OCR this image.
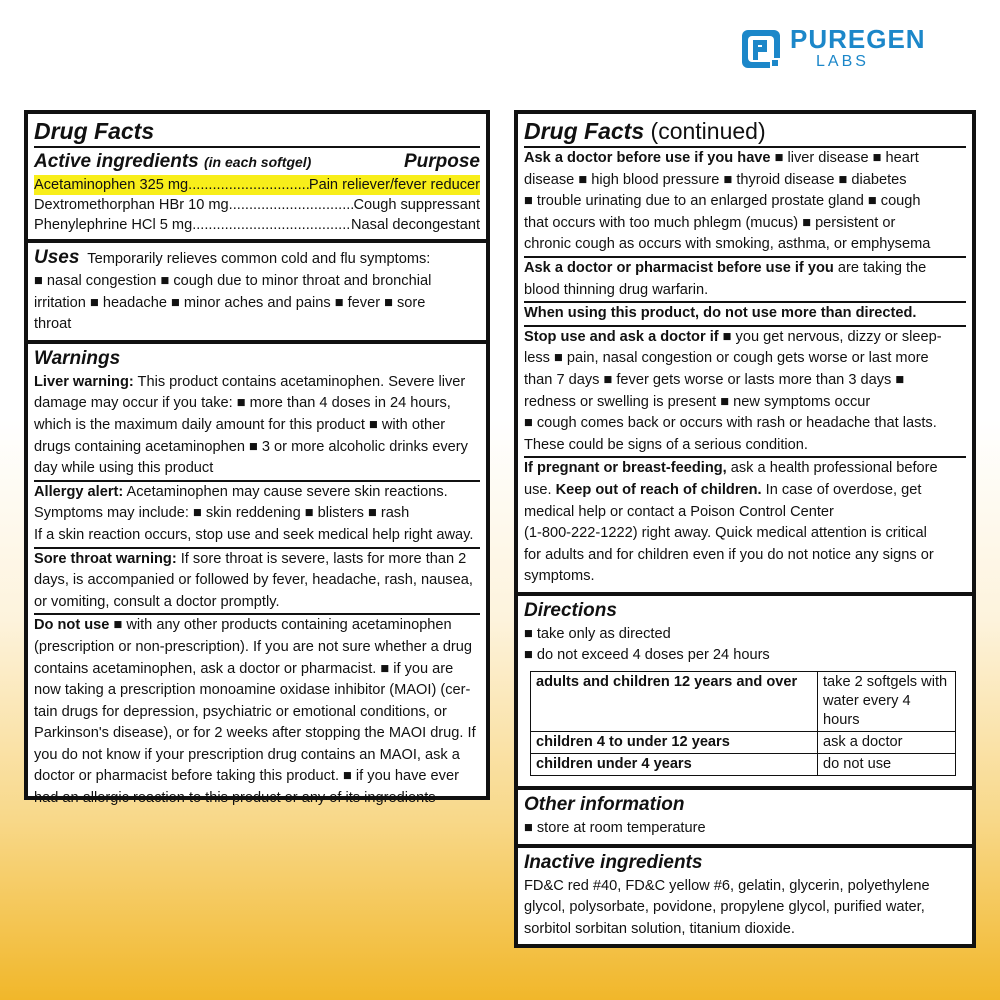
PUREGEN
LABS
Drug Facts
Active ingredients (in each softgel)	Purpose
Acetaminophen 325 mg .....	Pain reliever/fever reducer
Dextromethorphan HBr 10 mg .....	Cough suppressant
Phenylephrine HCl 5 mg .....	Nasal decongestant
Uses Temporarily relieves common cold and flu symptoms:
■ nasal congestion ■ cough due to minor throat and bronchial
irritation ■ headache ■ minor aches and pains ■ fever ■ sore
throat
Warnings
Liver warning: This product contains acetaminophen. Severe liver
damage may occur if you take: ■ more than 4 doses in 24 hours,
which is the maximum daily amount for this product ■ with other
drugs containing acetaminophen ■ 3 or more alcoholic drinks every
day while using this product
Allergy alert: Acetaminophen may cause severe skin reactions.
Symptoms may include: ■ skin reddening ■ blisters ■ rash
If a skin reaction occurs, stop use and seek medical help right away.
Sore throat warning: If sore throat is severe, lasts for more than 2
days, is accompanied or followed by fever, headache, rash, nausea,
or vomiting, consult a doctor promptly.
Do not use ■ with any other products containing acetaminophen
(prescription or non-prescription). If you are not sure whether a drug
contains acetaminophen, ask a doctor or pharmacist. ■ if you are
now taking a prescription monoamine oxidase inhibitor (MAOI) (cer-
tain drugs for depression, psychiatric or emotional conditions, or
Parkinson's disease), or for 2 weeks after stopping the MAOI drug. If
you do not know if your prescription drug contains an MAOI, ask a
doctor or pharmacist before taking this product. ■ if you have ever
had an allergic reaction to this product or any of its ingredients
Drug Facts (continued)
Ask a doctor before use if you have ■ liver disease ■ heart
disease ■ high blood pressure ■ thyroid disease ■ diabetes
■ trouble urinating due to an enlarged prostate gland ■ cough
that occurs with too much phlegm (mucus) ■ persistent or
chronic cough as occurs with smoking, asthma, or emphysema
Ask a doctor or pharmacist before use if you are taking the
blood thinning drug warfarin.
When using this product, do not use more than directed.
Stop use and ask a doctor if ■ you get nervous, dizzy or sleep-
less ■ pain, nasal congestion or cough gets worse or last more
than 7 days ■ fever gets worse or lasts more than 3 days ■
redness or swelling is present ■ new symptoms occur
■ cough comes back or occurs with rash or headache that lasts.
These could be signs of a serious condition.
If pregnant or breast-feeding, ask a health professional before
use. Keep out of reach of children. In case of overdose, get
medical help or contact a Poison Control Center
(1-800-222-1222) right away. Quick medical attention is critical
for adults and for children even if you do not notice any signs or
symptoms.
Directions
■ take only as directed
■ do not exceed 4 doses per 24 hours
adults and children 12 years and over	take 2 softgels with
water every 4 hours

children 4 to under 12 years	ask a doctor
children under 4 years	do not use
Other information
■ store at room temperature
Inactive ingredients
FD&C red #40, FD&C yellow #6, gelatin, glycerin, polyethylene
glycol, polysorbate, povidone, propylene glycol, purified water,
sorbitol sorbitan solution, titanium dioxide.
